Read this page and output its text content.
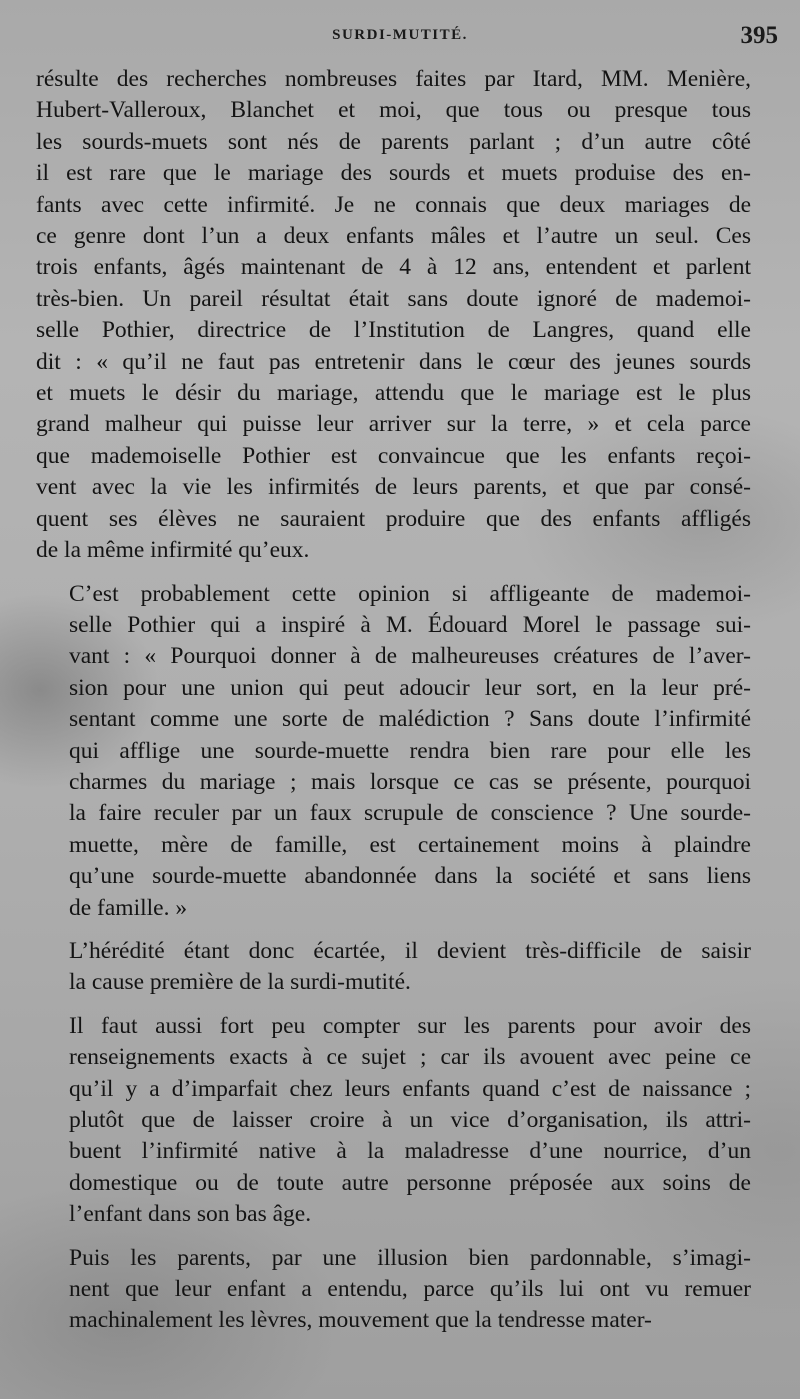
SURDI-MUTITÉ.	395
résulte des recherches nombreuses faites par Itard, MM. Menière,
Hubert-Valleroux, Blanchet et moi, que tous ou presque tous
les sourds-muets sont nés de parents parlant ; d’un autre côté
il est rare que le mariage des sourds et muets produise des en-
fants avec cette infirmité. Je ne connais que deux mariages de
ce genre dont l’un a deux enfants mâles et l’autre un seul. Ces
trois enfants, âgés maintenant de 4 à 12 ans, entendent et parlent
très-bien. Un pareil résultat était sans doute ignoré de mademoi-
selle Pothier, directrice de l’Institution de Langres, quand elle
dit : « qu’il ne faut pas entretenir dans le cœur des jeunes sourds
et muets le désir du mariage, attendu que le mariage est le plus
grand malheur qui puisse leur arriver sur la terre, » et cela parce
que mademoiselle Pothier est convaincue que les enfants reçoi-
vent avec la vie les infirmités de leurs parents, et que par consé-
quent ses élèves ne sauraient produire que des enfants affligés
de la même infirmité qu’eux.
C’est probablement cette opinion si affligeante de mademoi-
selle Pothier qui a inspiré à M. Édouard Morel le passage sui-
vant : « Pourquoi donner à de malheureuses créatures de l’aver-
sion pour une union qui peut adoucir leur sort, en la leur pré-
sentant comme une sorte de malédiction ? Sans doute l’infirmité
qui afflige une sourde-muette rendra bien rare pour elle les
charmes du mariage ; mais lorsque ce cas se présente, pourquoi
la faire reculer par un faux scrupule de conscience ? Une sourde-
muette, mère de famille, est certainement moins à plaindre
qu’une sourde-muette abandonnée dans la société et sans liens
de famille. »
L’hérédité étant donc écartée, il devient très-difficile de saisir
la cause première de la surdi-mutité.
Il faut aussi fort peu compter sur les parents pour avoir des
renseignements exacts à ce sujet ; car ils avouent avec peine ce
qu’il y a d’imparfait chez leurs enfants quand c’est de naissance ;
plutôt que de laisser croire à un vice d’organisation, ils attri-
buent l’infirmité native à la maladresse d’une nourrice, d’un
domestique ou de toute autre personne préposée aux soins de
l’enfant dans son bas âge.
Puis les parents, par une illusion bien pardonnable, s’imagi-
nent que leur enfant a entendu, parce qu’ils lui ont vu remuer
machinalement les lèvres, mouvement que la tendresse mater-
